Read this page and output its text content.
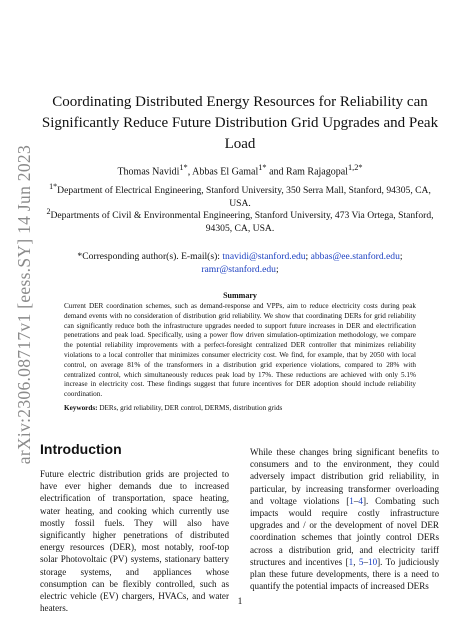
arXiv:2306.08717v1 [eess.SY] 14 Jun 2023
Coordinating Distributed Energy Resources for Reliability can Significantly Reduce Future Distribution Grid Upgrades and Peak Load
Thomas Navidi$^{1*}$, Abbas El Gamal$^{1*}$ and Ram Rajagopal$^{1,2*}$
$^{1*}$Department of Electrical Engineering, Stanford University, 350 Serra Mall, Stanford, 94305, CA, USA.
$^2$Departments of Civil & Environmental Engineering, Stanford University, 473 Via Ortega, Stanford, 94305, CA, USA.
*Corresponding author(s). E-mail(s): tnavidi@stanford.edu; abbas@ee.stanford.edu;
ramr@stanford.edu;
Summary

Current DER coordination schemes, such as demand-response and VPPs, aim to reduce electricity costs during peak demand events with no consideration of distribution grid reliability. We show that coordinating DERs for grid reliability can significantly reduce both the infrastructure upgrades needed to support future increases in DER and electrification penetrations and peak load. Specifically, using a power flow driven simulation-optimization methodology, we compare the potential reliability improvements with a perfect-foresight centralized DER controller that minimizes reliability violations to a local controller that minimizes consumer electricity cost. We find, for example, that by 2050 with local control, on average 81% of the transformers in a distribution grid experience violations, compared to 28% with centralized control, which simultaneously reduces peak load by 17%. These reductions are achieved with only 5.1% increase in electricity cost. These findings suggest that future incentives for DER adoption should include reliability coordination.

Keywords: DERs, grid reliability, DER control, DERMS, distribution grids
Introduction
Future electric distribution grids are projected to have ever higher demands due to increased electrification of transportation, space heating, water heating, and cooking which currently use mostly fossil fuels. They will also have significantly higher penetrations of distributed energy resources (DER), most notably, roof-top solar Photovoltaic (PV) systems, stationary battery storage systems, and appliances whose consumption can be flexibly controlled, such as electric vehicle (EV) chargers, HVACs, and water heaters.
While these changes bring significant benefits to consumers and to the environment, they could adversely impact distribution grid reliability, in particular, by increasing transformer overloading and voltage violations [1–4]. Combating such impacts would require costly infrastructure upgrades and / or the development of novel DER coordination schemes that jointly control DERs across a distribution grid, and electricity tariff structures and incentives [1, 5–10]. To judiciously plan these future developments, there is a need to quantify the potential impacts of increased DERs
1
